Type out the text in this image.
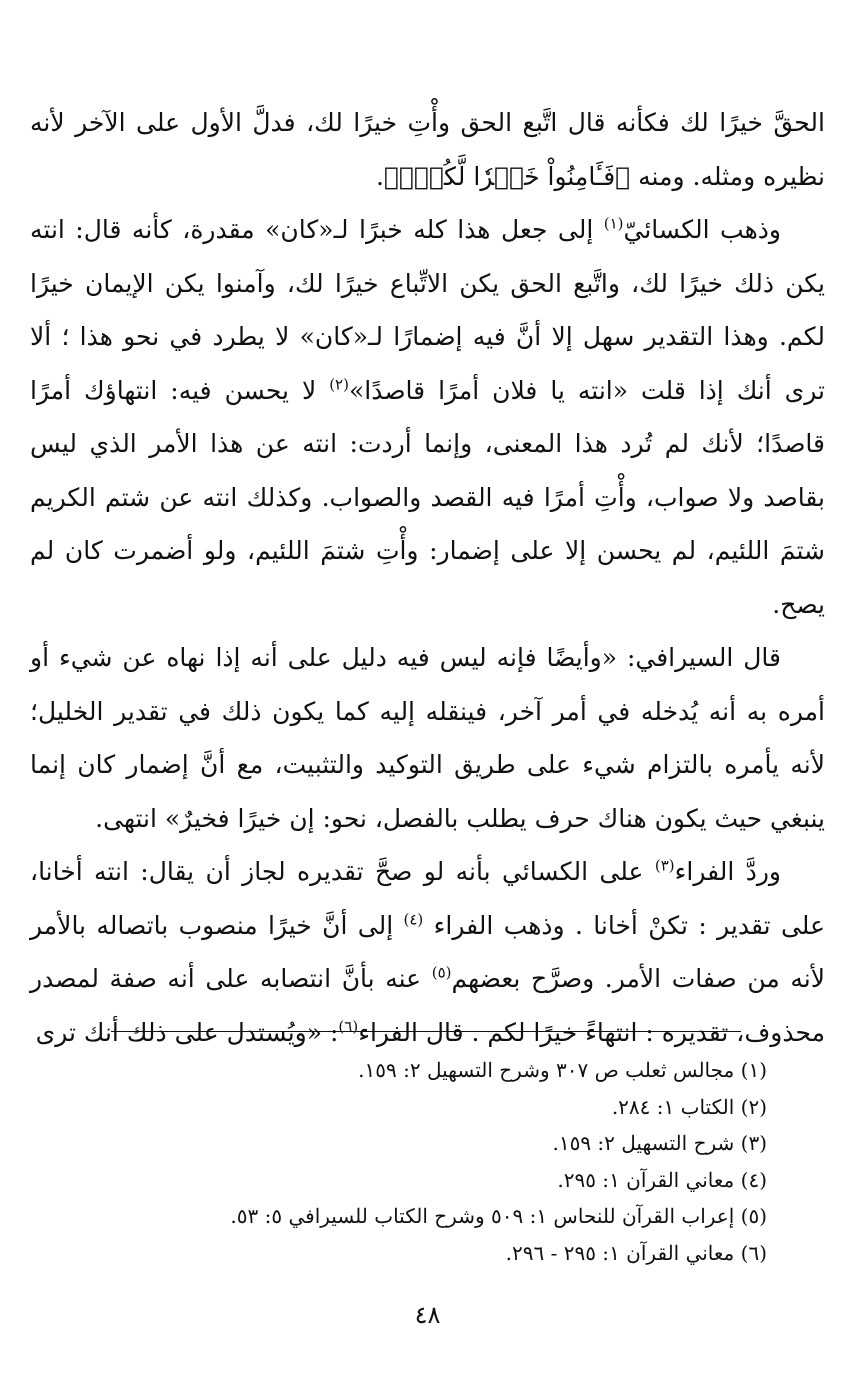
الحقَّ خيرًا لك فكأنه قال اتَّبع الحق وأْتِ خيرًا لك، فدلَّ الأول على الآخر لأنه نظيره ومثله. ومنه ﴿فَـَٔامِنُواْ خَيۡرٗا لَّكُمۡۚ﴾.

وذهب الكسائيّ$^{(١)}$ إلى جعل هذا كله خبرًا لـ«كان» مقدرة، كأنه قال: انته يكن ذلك خيرًا لك، واتَّبع الحق يكن الاتِّباع خيرًا لك، وآمنوا يكن الإيمان خيرًا لكم. وهذا التقدير سهل إلا أنَّ فيه إضمارًا لـ«كان» لا يطرد في نحو هذا ؛ ألا ترى أنك إذا قلت «انته يا فلان أمرًا قاصدًا»$^{(٢)}$ لا يحسن فيه: انتهاؤك أمرًا قاصدًا؛ لأنك لم تُرد هذا المعنى، وإنما أردت: انته عن هذا الأمر الذي ليس بقاصد ولا صواب، وأْتِ أمرًا فيه القصد والصواب. وكذلك انته عن شتم الكريم شتمَ اللئيم، لم يحسن إلا على إضمار: وأْتِ شتمَ اللئيم، ولو أضمرت كان لم يصح.

قال السيرافي: «وأيضًا فإنه ليس فيه دليل على أنه إذا نهاه عن شيء أو أمره به أنه يُدخله في أمر آخر، فينقله إليه كما يكون ذلك في تقدير الخليل؛ لأنه يأمره بالتزام شيء على طريق التوكيد والتثبيت، مع أنَّ إضمار كان إنما ينبغي حيث يكون هناك حرف يطلب بالفصل، نحو: إن خيرًا فخيرٌ» انتهى.

وردَّ الفراء$^{(٣)}$ على الكسائي بأنه لو صحَّ تقديره لجاز أن يقال: انته أخانا، على تقدير : تكنْ أخانا . وذهب الفراء $^{(٤)}$ إلى أنَّ خيرًا منصوب باتصاله بالأمر لأنه من صفات الأمر. وصرَّح بعضهم$^{(٥)}$ عنه بأنَّ انتصابه على أنه صفة لمصدر محذوف، تقديره : انتهاءً خيرًا لكم . قال الفراء$^{(٦)}$: «ويُستدل على ذلك أنك ترى

(١) مجالس ثعلب ص ٣٠٧ وشرح التسهيل ٢: ١٥٩.
(٢) الكتاب ١: ٢٨٤.
(٣) شرح التسهيل ٢: ١٥٩.
(٤) معاني القرآن ١: ٢٩٥.
(٥) إعراب القرآن للنحاس ١: ٥٠٩ وشرح الكتاب للسيرافي ٥: ٥٣.
(٦) معاني القرآن ١: ٢٩٥ - ٢٩٦.
٤٨
